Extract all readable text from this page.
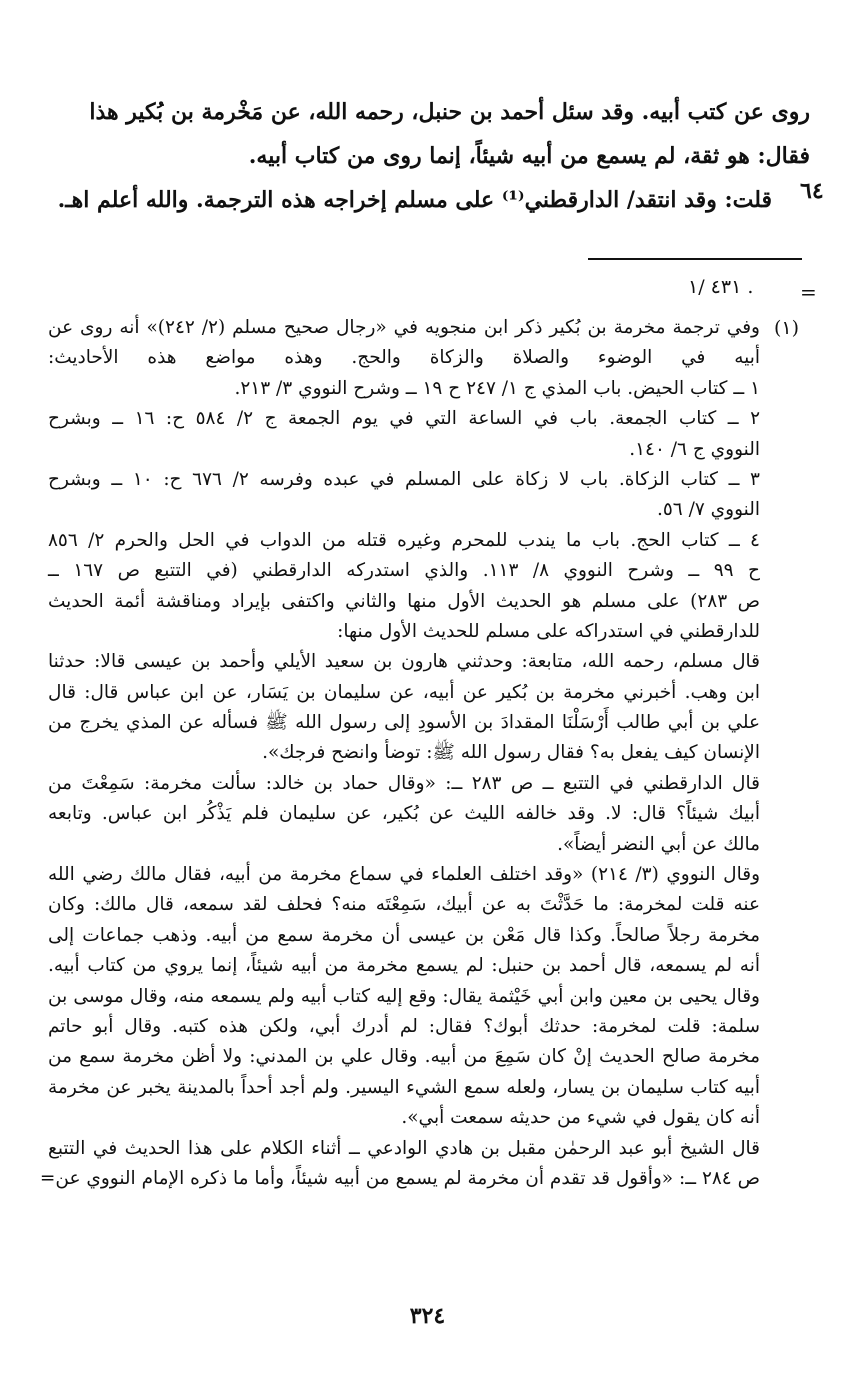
روى عن كتب أبيه. وقد سئل أحمد بن حنبل، رحمه الله، عن مَخْرمة بن بُكير هذا
فقال: هو ثقة، لم يسمع من أبيه شيئاً، إنما روى من كتاب أبيه.
قلت: وقد انتقد/ الدارقطني⁽¹⁾ على مسلم إخراجه هذه الترجمة. والله أعلم اهـ.	٦٤
=
. ٤٣١ /١
(١)
وفي ترجمة مخرمة بن بُكير ذكر ابن منجويه في «رجال صحيح مسلم (٢/ ٢٤٢)» أنه روى عن
أبيه في الوضوء والصلاة والزكاة والحج. وهذه مواضع هذه الأحاديث:
١ ــ كتاب الحيض. باب المذي ج ١/ ٢٤٧ ح ١٩ ــ وشرح النووي ٣/ ٢١٣.
٢ ــ كتاب الجمعة. باب في الساعة التي في يوم الجمعة ج ٢/ ٥٨٤ ح: ١٦ ــ وبشرح
النووي ج ٦/ ١٤٠.
٣ ــ كتاب الزكاة. باب لا زكاة على المسلم في عبده وفرسه ٢/ ٦٧٦ ح: ١٠ ــ وبشرح
النووي ٧/ ٥٦.
٤ ــ كتاب الحج. باب ما يندب للمحرم وغيره قتله من الدواب في الحل والحرم ٢/ ٨٥٦
ح ٩٩ ــ وشرح النووي ٨/ ١١٣. والذي استدركه الدارقطني (في التتبع ص ١٦٧ ــ
ص ٢٨٣) على مسلم هو الحديث الأول منها والثاني واكتفى بإيراد ومناقشة أئمة الحديث
للدارقطني في استدراكه على مسلم للحديث الأول منها:
قال مسلم، رحمه الله، متابعة: وحدثني هارون بن سعيد الأيلي وأحمد بن عيسى قالا: حدثنا
ابن وهب. أخبرني مخرمة بن بُكير عن أبيه، عن سليمان بن يَسَار، عن ابن عباس قال: قال
علي بن أبي طالب أَرْسَلْنَا المقدادَ بن الأسودِ إلى رسول الله ﷺ فسأله عن المذي يخرج من
الإنسان كيف يفعل به؟ فقال رسول الله ﷺ: توضأ وانضح فرجك».
قال الدارقطني في التتبع ــ ص ٢٨٣ ــ: «وقال حماد بن خالد: سألت مخرمة: سَمِعْتَ من
أبيك شيئاً؟ قال: لا. وقد خالفه الليث عن بُكير، عن سليمان فلم يَذْكُر ابن عباس. وتابعه
مالك عن أبي النضر أيضاً».
وقال النووي (٣/ ٢١٤) «وقد اختلف العلماء في سماع مخرمة من أبيه، فقال مالك رضي الله
عنه قلت لمخرمة: ما حَدَّثْتَ به عن أبيك، سَمِعْتَه منه؟ فحلف لقد سمعه، قال مالك: وكان
مخرمة رجلاً صالحاً. وكذا قال مَعْن بن عيسى أن مخرمة سمع من أبيه. وذهب جماعات إلى
أنه لم يسمعه، قال أحمد بن حنبل: لم يسمع مخرمة من أبيه شيئاً، إنما يروي من كتاب أبيه.
وقال يحيى بن معين وابن أبي خَيْثمة يقال: وقع إليه كتاب أبيه ولم يسمعه منه، وقال موسى بن
سلمة: قلت لمخرمة: حدثك أبوك؟ فقال: لم أدرك أبي، ولكن هذه كتبه. وقال أبو حاتم
مخرمة صالح الحديث إنْ كان سَمِعَ من أبيه. وقال علي بن المدني: ولا أظن مخرمة سمع من
أبيه كتاب سليمان بن يسار، ولعله سمع الشيء اليسير. ولم أجد أحداً بالمدينة يخبر عن مخرمة
أنه كان يقول في شيء من حديثه سمعت أبي».
قال الشيخ أبو عبد الرحمٰن مقبل بن هادي الوادعي ــ أثناء الكلام على هذا الحديث في التتبع
ص ٢٨٤ ــ: «وأقول قد تقدم أن مخرمة لم يسمع من أبيه شيئاً، وأما ما ذكره الإمام النووي عن=
٣٢٤
